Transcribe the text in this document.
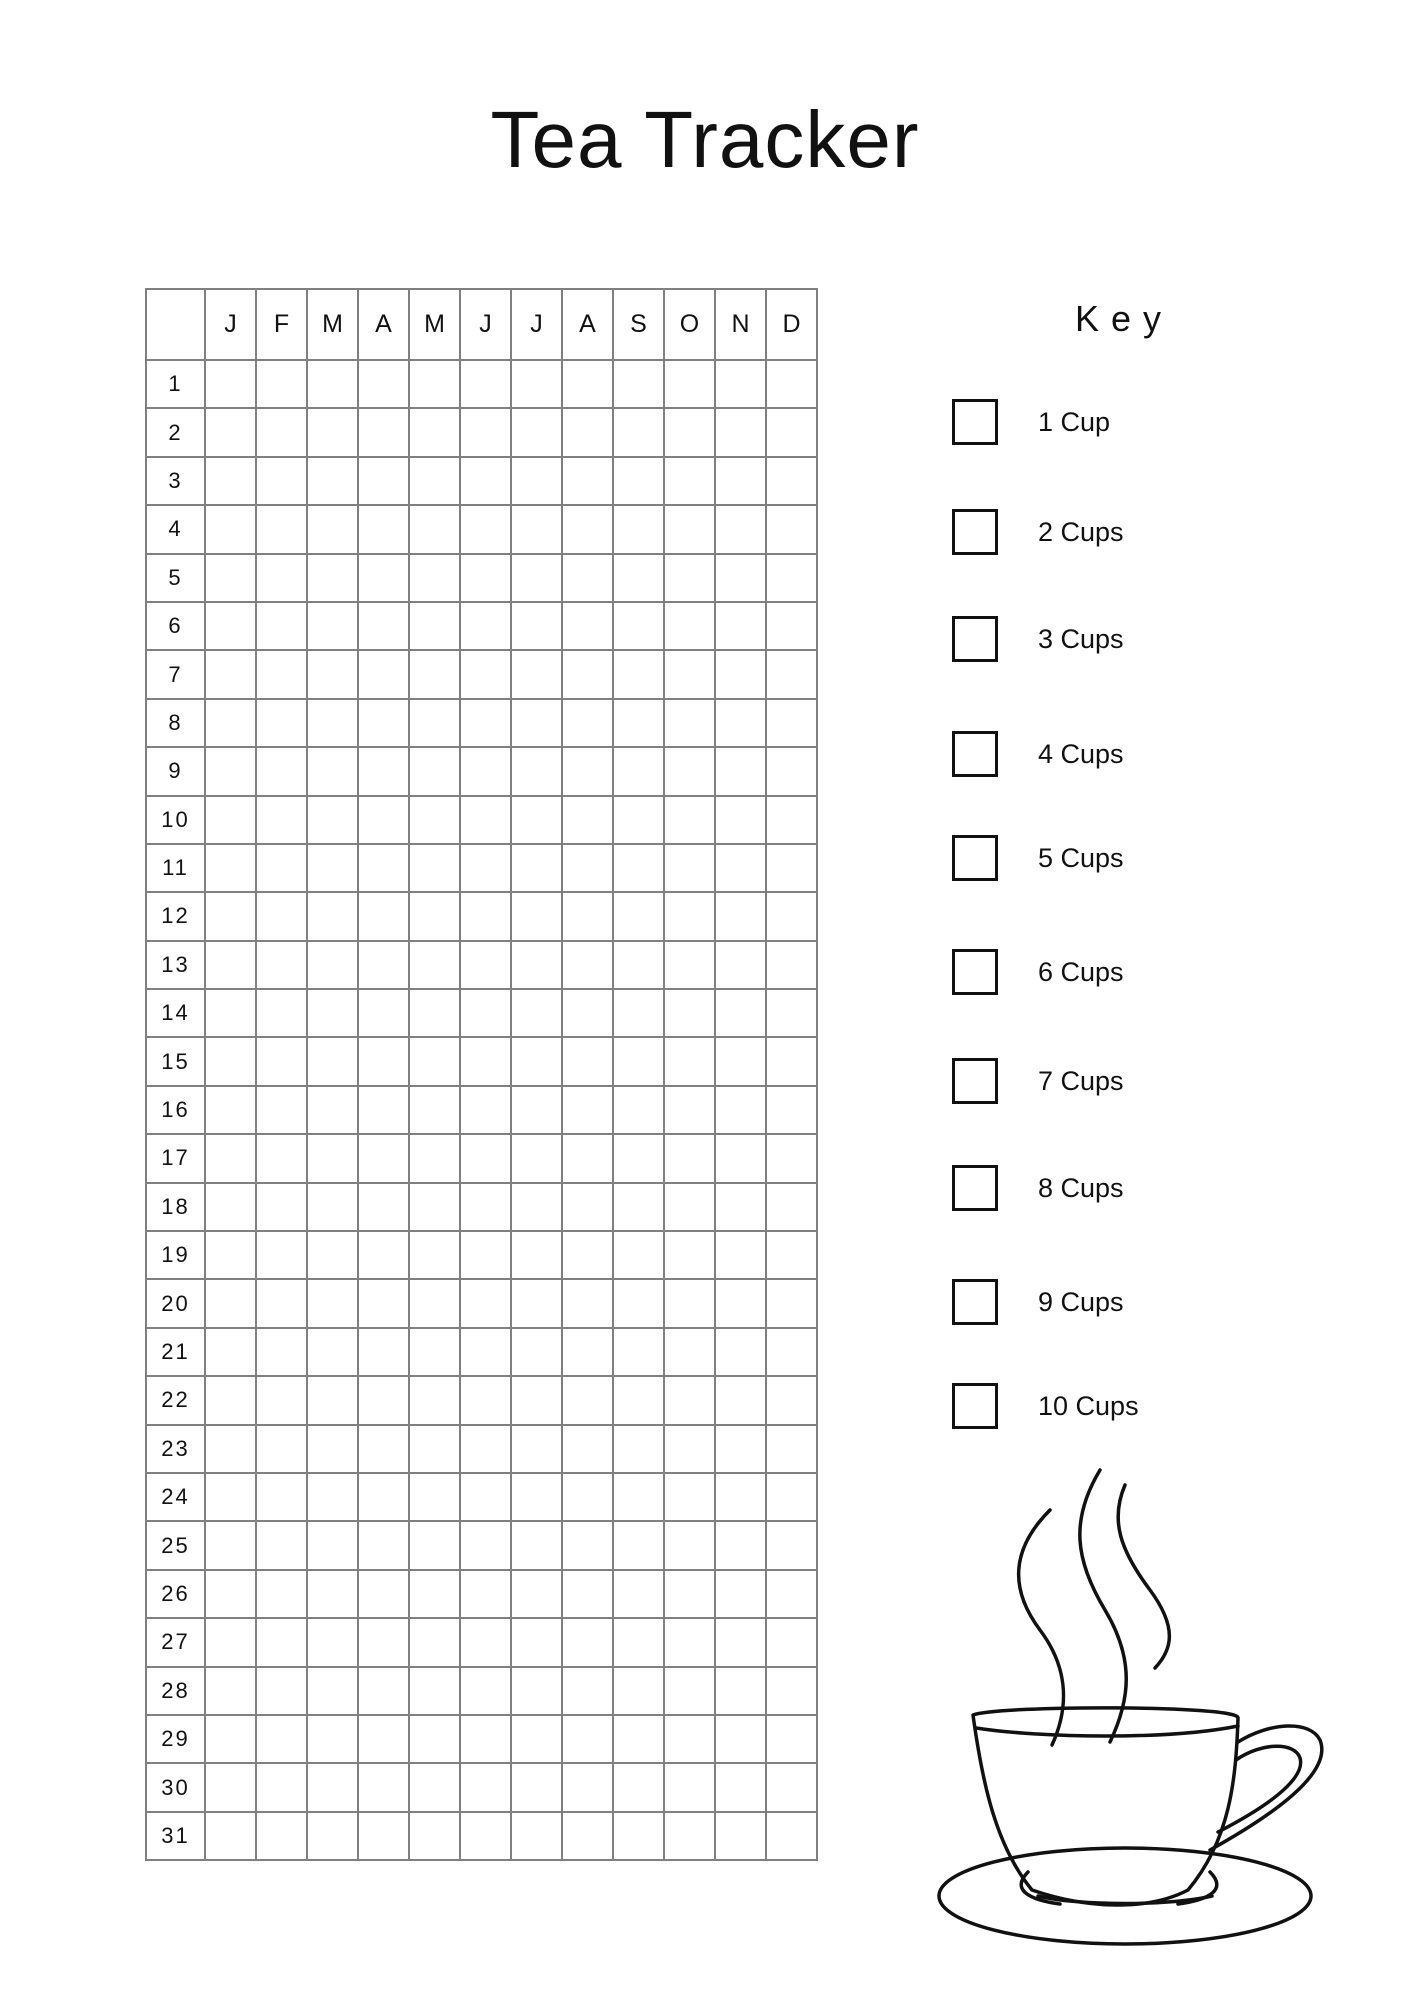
Tea Tracker
	J	F	M	A	M	J	J	A	S	O	N	D
1												
2												
3												
4												
5												
6												
7												
8												
9												
10												
11												
12												
13												
14												
15												
16												
17												
18												
19												
20												
21												
22												
23												
24												
25												
26												
27												
28												
29												
30												
31												
Key
1 Cup
2 Cups
3 Cups
4 Cups
5 Cups
6 Cups
7 Cups
8 Cups
9 Cups
10 Cups
